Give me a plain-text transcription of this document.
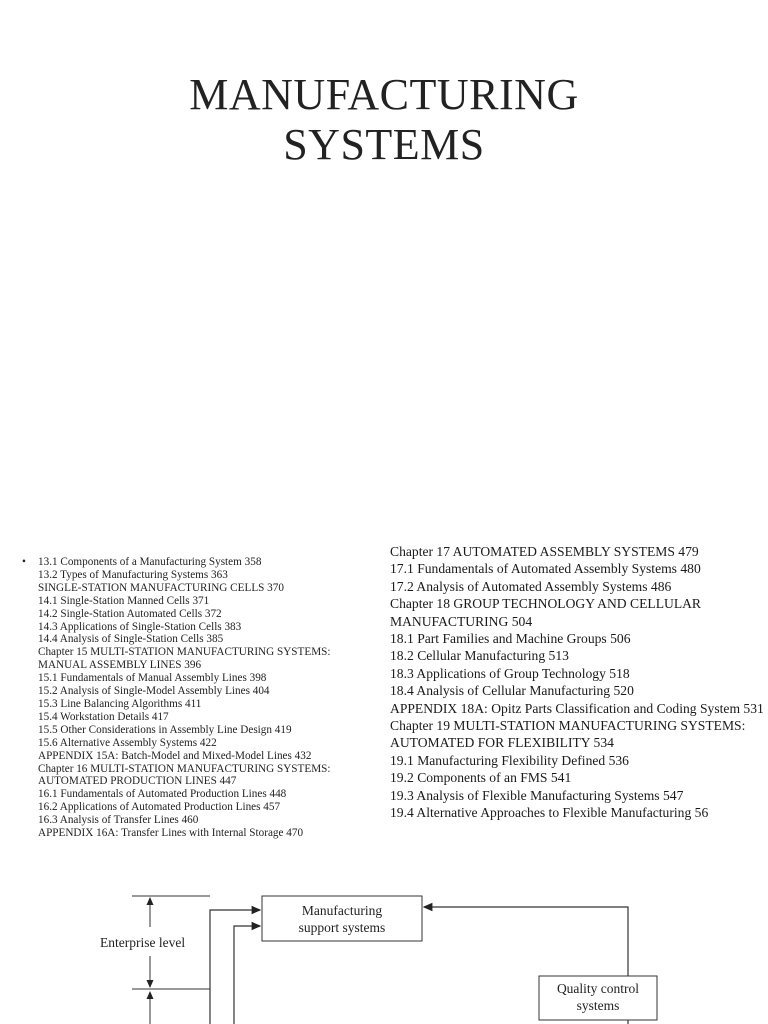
MANUFACTURING
SYSTEMS
•	13.1 Components of a Manufacturing System 358
13.2 Types of Manufacturing Systems 363
SINGLE-STATION MANUFACTURING CELLS 370
14.1 Single-Station Manned Cells 371
14.2 Single-Station Automated Cells 372
14.3 Applications of Single-Station Cells 383
14.4 Analysis of Single-Station Cells 385
Chapter 15 MULTI-STATION MANUFACTURING SYSTEMS:
MANUAL ASSEMBLY LINES 396
15.1 Fundamentals of Manual Assembly Lines 398
15.2 Analysis of Single-Model Assembly Lines 404
15.3 Line Balancing Algorithms 411
15.4 Workstation Details 417
15.5 Other Considerations in Assembly Line Design 419
15.6 Alternative Assembly Systems 422
APPENDIX 15A: Batch-Model and Mixed-Model Lines 432
Chapter 16 MULTI-STATION MANUFACTURING SYSTEMS:
AUTOMATED PRODUCTION LINES 447
16.1 Fundamentals of Automated Production Lines 448
16.2 Applications of Automated Production Lines 457
16.3 Analysis of Transfer Lines 460
APPENDIX 16A: Transfer Lines with Internal Storage 470
Chapter 17 AUTOMATED ASSEMBLY SYSTEMS 479
17.1 Fundamentals of Automated Assembly Systems 480
17.2 Analysis of Automated Assembly Systems 486
Chapter 18 GROUP TECHNOLOGY AND CELLULAR MANUFACTURING 504
18.1 Part Families and Machine Groups 506
18.2 Cellular Manufacturing 513
18.3 Applications of Group Technology 518
18.4 Analysis of Cellular Manufacturing 520
APPENDIX 18A: Opitz Parts Classification and Coding System 531
Chapter 19 MULTI-STATION MANUFACTURING SYSTEMS: AUTOMATED FOR FLEXIBILITY 534
19.1 Manufacturing Flexibility Defined 536
19.2 Components of an FMS 541
19.3 Analysis of Flexible Manufacturing Systems 547
19.4 Alternative Approaches to Flexible Manufacturing 56
Enterprise level
Manufacturing
support systems
Quality control
systems
